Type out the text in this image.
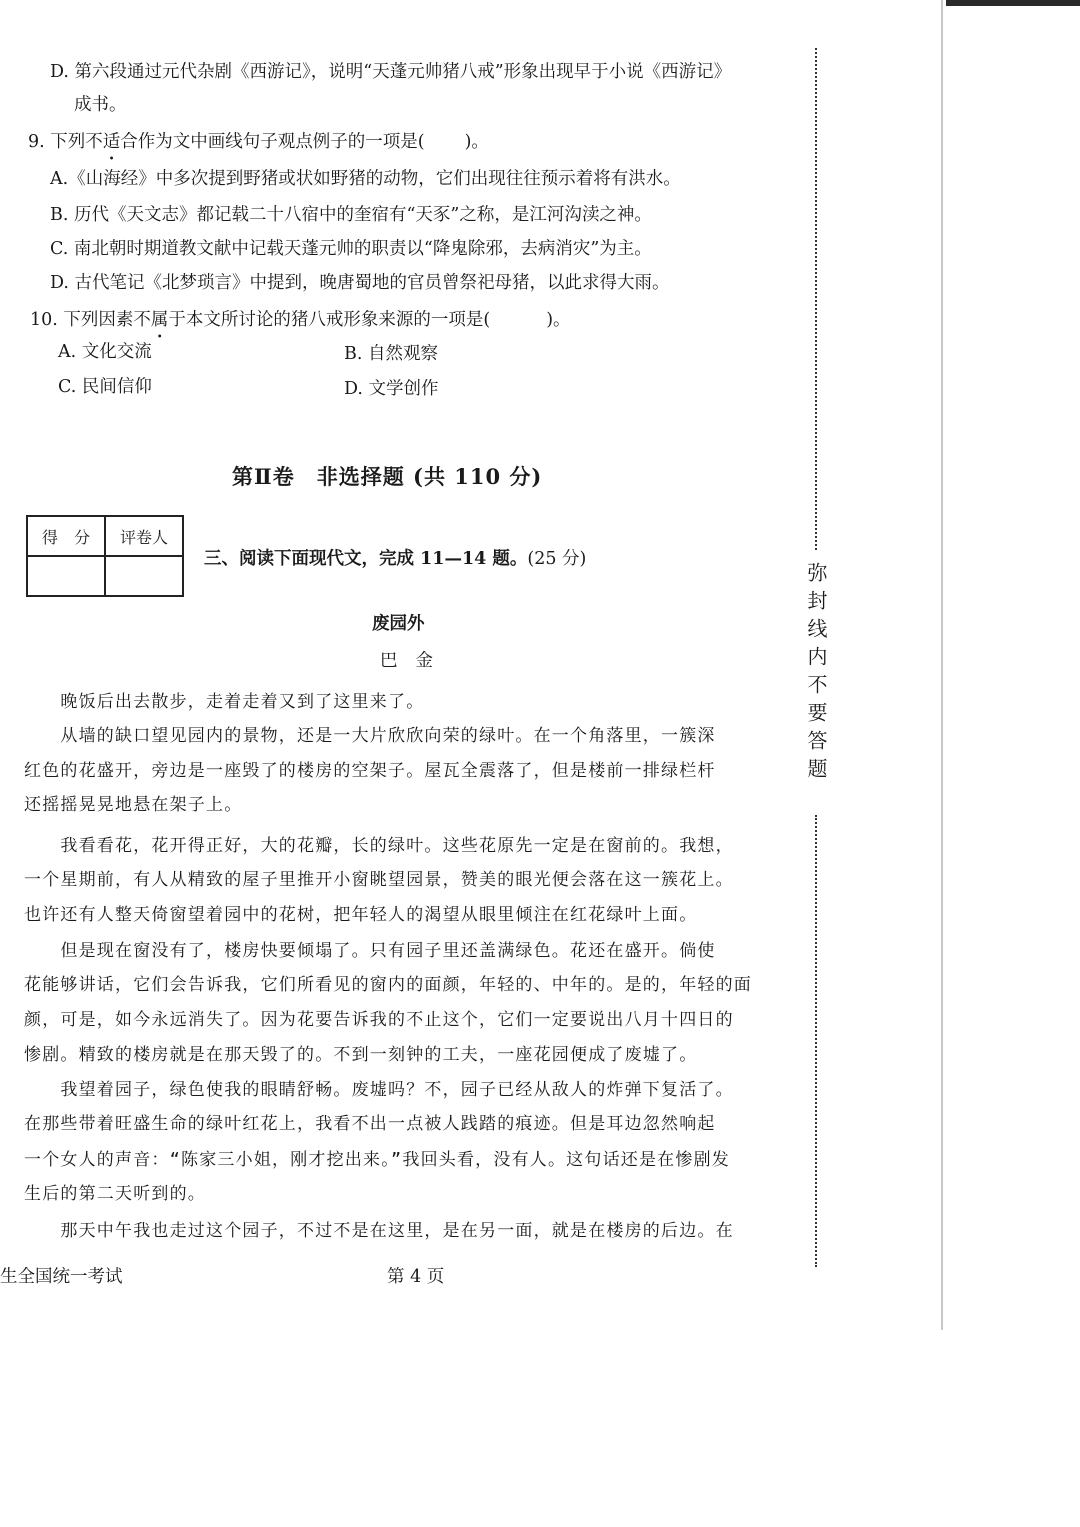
D. 第六段通过元代杂剧《西游记》，说明“天蓬元帅猪八戒”形象出现早于小说《西游记》

成书。

9. 下列不适合作为文中画线句子观点例子的一项是( )。

A.《山海经》中多次提到野猪或状如野猪的动物，它们出现往往预示着将有洪水。

B. 历代《天文志》都记载二十八宿中的奎宿有“天豕”之称，是江河沟渎之神。

C. 南北朝时期道教文献中记载天蓬元帅的职责以“降鬼除邪，去病消灾”为主。

D. 古代笔记《北梦琐言》中提到，晚唐蜀地的官员曾祭祀母猪，以此求得大雨。

10. 下列因素不属于本文所讨论的猪八戒形象来源的一项是(	)。

A. 文化交流	B. 自然观察

C. 民间信仰	D. 文学创作

第Ⅱ卷　非选择题 (共 110 分)
得　分	评卷人

三、阅读下面现代文，完成 11—14 题。(25 分)
废园外
巴金

　　晚饭后出去散步，走着走着又到了这里来了。

　　从墙的缺口望见园内的景物，还是一大片欣欣向荣的绿叶。在一个角落里，一簇深

红色的花盛开，旁边是一座毁了的楼房的空架子。屋瓦全震落了，但是楼前一排绿栏杆

还摇摇晃晃地悬在架子上。

　　我看看花，花开得正好，大的花瓣，长的绿叶。这些花原先一定是在窗前的。我想，

一个星期前，有人从精致的屋子里推开小窗眺望园景，赞美的眼光便会落在这一簇花上。

也许还有人整天倚窗望着园中的花树，把年轻人的渴望从眼里倾注在红花绿叶上面。

　　但是现在窗没有了，楼房快要倾塌了。只有园子里还盖满绿色。花还在盛开。倘使

花能够讲话，它们会告诉我，它们所看见的窗内的面颜，年轻的、中年的。是的，年轻的面

颜，可是，如今永远消失了。因为花要告诉我的不止这个，它们一定要说出八月十四日的

惨剧。精致的楼房就是在那天毁了的。不到一刻钟的工夫，一座花园便成了废墟了。

　　我望着园子，绿色使我的眼睛舒畅。废墟吗？不，园子已经从敌人的炸弹下复活了。

在那些带着旺盛生命的绿叶红花上，我看不出一点被人践踏的痕迹。但是耳边忽然响起

一个女人的声音：“陈家三小姐，刚才挖出来。”我回头看，没有人。这句话还是在惨剧发

生后的第二天听到的。

　　那天中午我也走过这个园子，不过不是在这里，是在另一面，就是在楼房的后边。在

弥封线内不要答题
生全国统一考试	第 4 页
